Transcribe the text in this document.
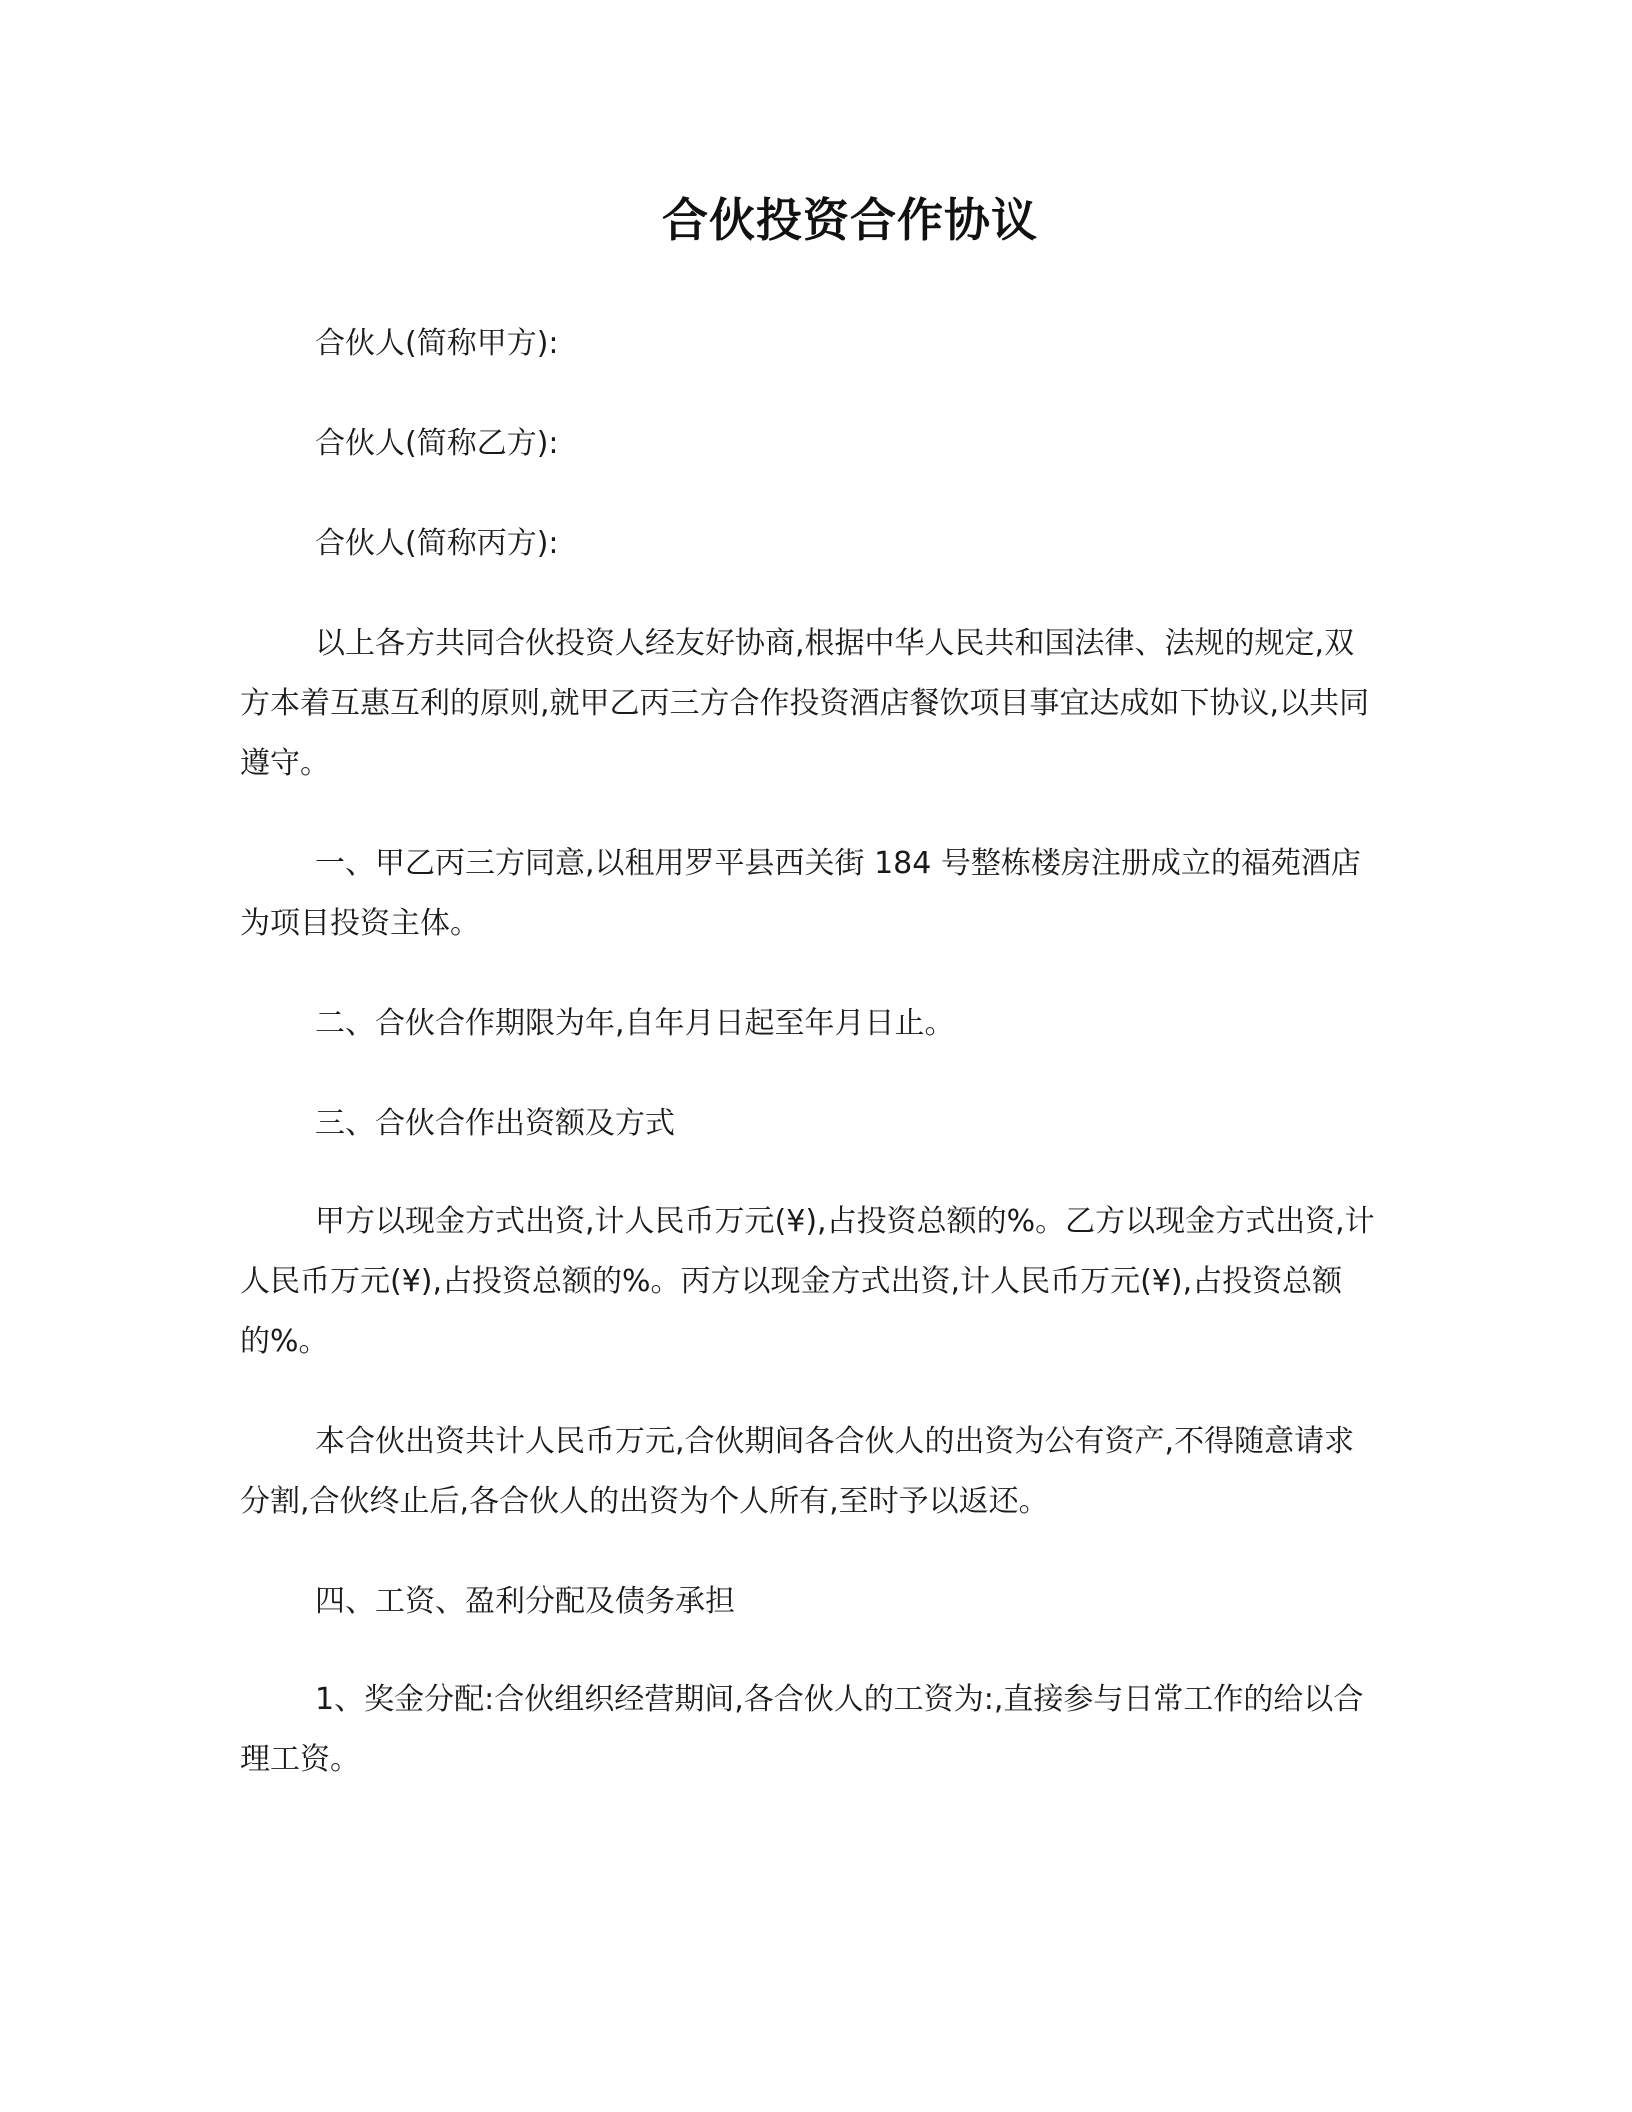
合伙投资合作协议
合伙人(简称甲方):
合伙人(简称乙方):
合伙人(简称丙方):
以上各方共同合伙投资人经友好协商,根据中华人民共和国法律、法规的规定,双方本着互惠互利的原则,就甲乙丙三方合作投资酒店餐饮项目事宜达成如下协议,以共同遵守。
一、甲乙丙三方同意,以租用罗平县西关街 184 号整栋楼房注册成立的福苑酒店为项目投资主体。
二、合伙合作期限为年,自年月日起至年月日止。
三、合伙合作出资额及方式
甲方以现金方式出资,计人民币万元(¥),占投资总额的%。乙方以现金方式出资,计人民币万元(¥),占投资总额的%。丙方以现金方式出资,计人民币万元(¥),占投资总额的%。
本合伙出资共计人民币万元,合伙期间各合伙人的出资为公有资产,不得随意请求分割,合伙终止后,各合伙人的出资为个人所有,至时予以返还。
四、工资、盈利分配及债务承担
1、奖金分配:合伙组织经营期间,各合伙人的工资为:,直接参与日常工作的给以合理工资。
